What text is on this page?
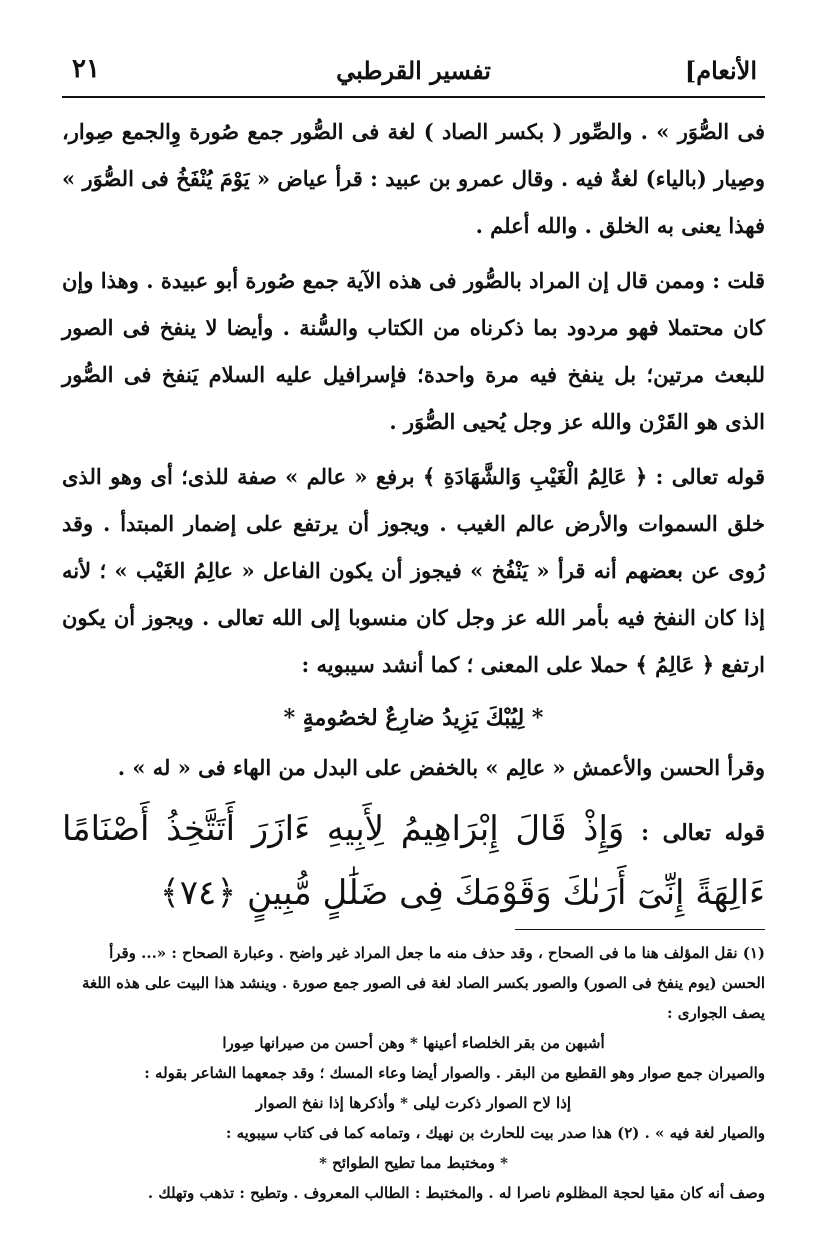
الأنعام]
تفسير القرطبي
٢١

فى الصُّوَر » . والصِّور ( بكسر الصاد ) لغة فى الصُّور جمع صُورة وِالجمع صِوار، وصِيار (بالياء) لغةٌ فيه . وقال عمرو بن عبيد : قرأ عياض « يَوْمَ يُنْفَخُ فى الصُّوَر » فهذا يعنى به الخلق . والله أعلم .

قلت : وممن قال إن المراد بالصُّور فى هذه الآية جمع صُورة أبو عبيدة . وهذا وإن كان محتملا فهو مردود بما ذكرناه من الكتاب والسُّنة . وأيضا لا ينفخ فى الصور للبعث مرتين؛ بل ينفخ فيه مرة واحدة؛ فإسرافيل عليه السلام يَنفخ فى الصُّور الذى هو القَرْن والله عز وجل يُحيى الصُّوَر .

قوله تعالى : ﴿ عَالِمُ الْغَيْبِ وَالشَّهَادَةِ ﴾ برفع « عالم » صفة للذى؛ أى وهو الذى خلق السموات والأرض عالم الغيب . ويجوز أن يرتفع على إضمار المبتدأ . وقد رُوى عن بعضهم أنه قرأ « يَنْفُخ » فيجوز أن يكون الفاعل « عالِمُ الغَيْب » ؛ لأنه إذا كان النفخ فيه بأمر الله عز وجل كان منسوبا إلى الله تعالى . ويجوز أن يكون ارتفع ﴿ عَالِمُ ﴾ حملا على المعنى ؛ كما أنشد سيبويه :

* لِيُبْكَ يَزِيدُ ضارِعٌ لخصُومةٍ *

وقرأ الحسن والأعمش « عالِم » بالخفض على البدل من الهاء فى « له » .

قوله تعالى : وَإِذْ قَالَ إِبْرَاهِيمُ لِأَبِيهِ ءَازَرَ أَتَتَّخِذُ أَصْنَامًا ءَالِهَةً إِنِّىٓ أَرَىٰكَ وَقَوْمَكَ فِى ضَلَٰلٍ مُّبِينٍ ﴿٧٤﴾

(١) نقل المؤلف هنا ما فى الصحاح ، وقد حذف منه ما جعل المراد غير واضح . وعبارة الصحاح : «... وقرأ الحسن (يوم ينفخ فى الصور) والصور بكسر الصاد لغة فى الصور جمع صورة . وينشد هذا البيت على هذه اللغة يصف الجوارى :

أشبهن من بقر الخلصاء أعينها * وهن أحسن من صيرانها صِورا

والصيران جمع صوار وهو القطيع من البقر . والصوار أيضا وعاء المسك ؛ وقد جمعهما الشاعر بقوله :

إذا لاح الصوار ذكرت ليلى * وأذكرها إذا نفخ الصوار

والصيار لغة فيه » . (٢) هذا صدر بيت للحارث بن نهيك ، وتمامه كما فى كتاب سيبويه :

* ومختبط مما تطيح الطوائح *

وصف أنه كان مقيا لحجة المظلوم ناصرا له . والمختبط : الطالب المعروف . وتطيح : تذهب وتهلك .
